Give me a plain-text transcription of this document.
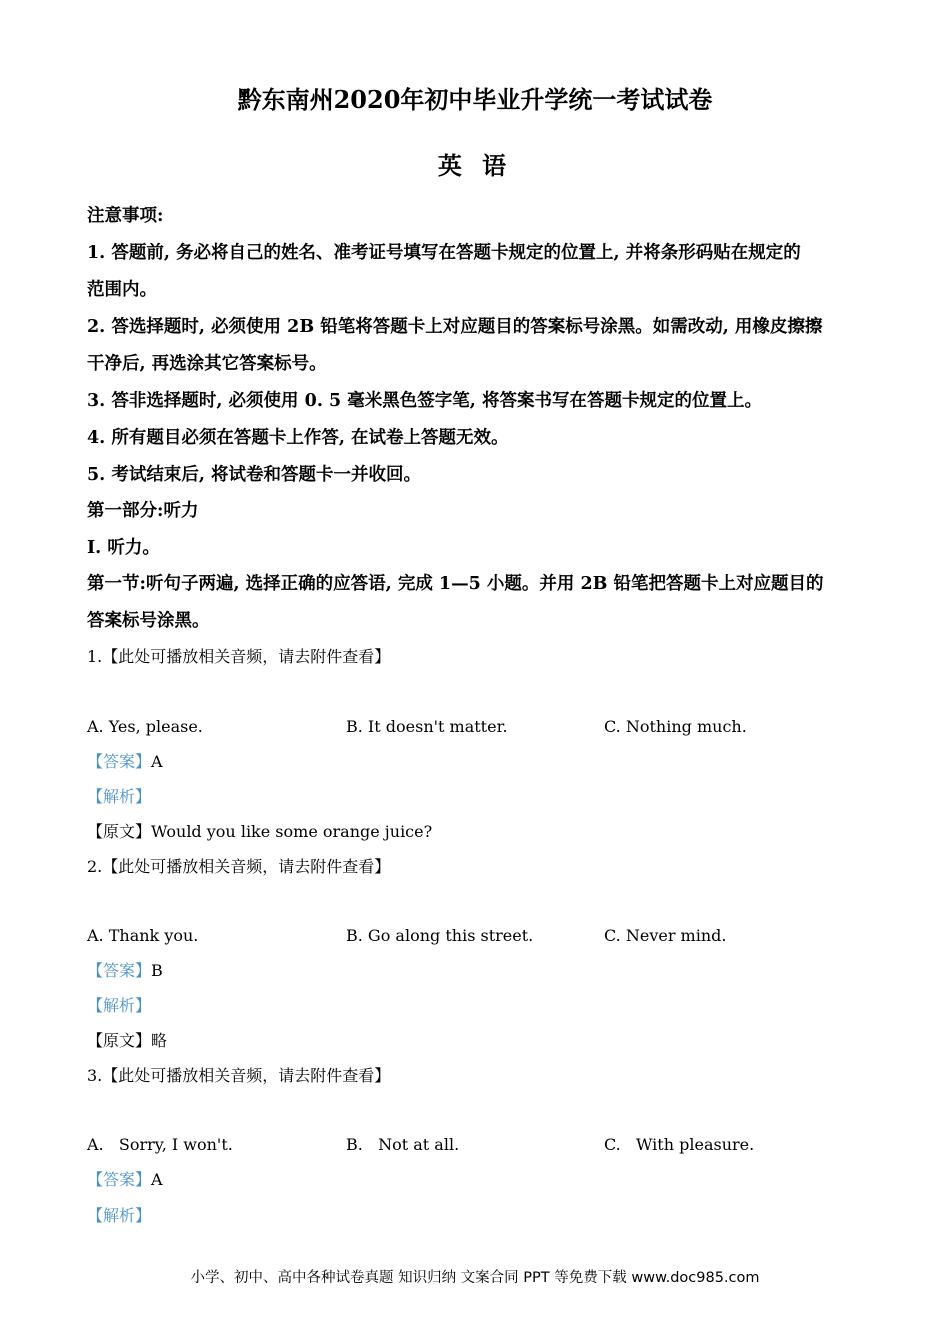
黔东南州2020年初中毕业升学统一考试试卷
英 语
注意事项:
1. 答题前, 务必将自己的姓名、准考证号填写在答题卡规定的位置上, 并将条形码贴在规定的
范围内。
2. 答选择题时, 必须使用 2B 铅笔将答题卡上对应题目的答案标号涂黑。如需改动, 用橡皮擦擦
干净后, 再选涂其它答案标号。
3. 答非选择题时, 必须使用 0. 5 毫米黑色签字笔, 将答案书写在答题卡规定的位置上。
4. 所有题目必须在答题卡上作答, 在试卷上答题无效。
5. 考试结束后, 将试卷和答题卡一并收回。
第一部分:听力
I. 听力。
第一节:听句子两遍, 选择正确的应答语, 完成 1—5 小题。并用 2B 铅笔把答题卡上对应题目的
答案标号涂黑。
1.【此处可播放相关音频，请去附件查看】
A. Yes, please.	B. It doesn't matter.	C. Nothing much.
【答案】A
【解析】
【原文】Would you like some orange juice?
2.【此处可播放相关音频，请去附件查看】
A. Thank you.	B. Go along this street.	C. Never mind.
【答案】B
【解析】
【原文】略
3.【此处可播放相关音频，请去附件查看】
A.   Sorry, I won't.	B.   Not at all.	C.   With pleasure.
【答案】A
【解析】
小学、初中、高中各种试卷真题 知识归纳 文案合同 PPT 等免费下载 www.doc985.com
